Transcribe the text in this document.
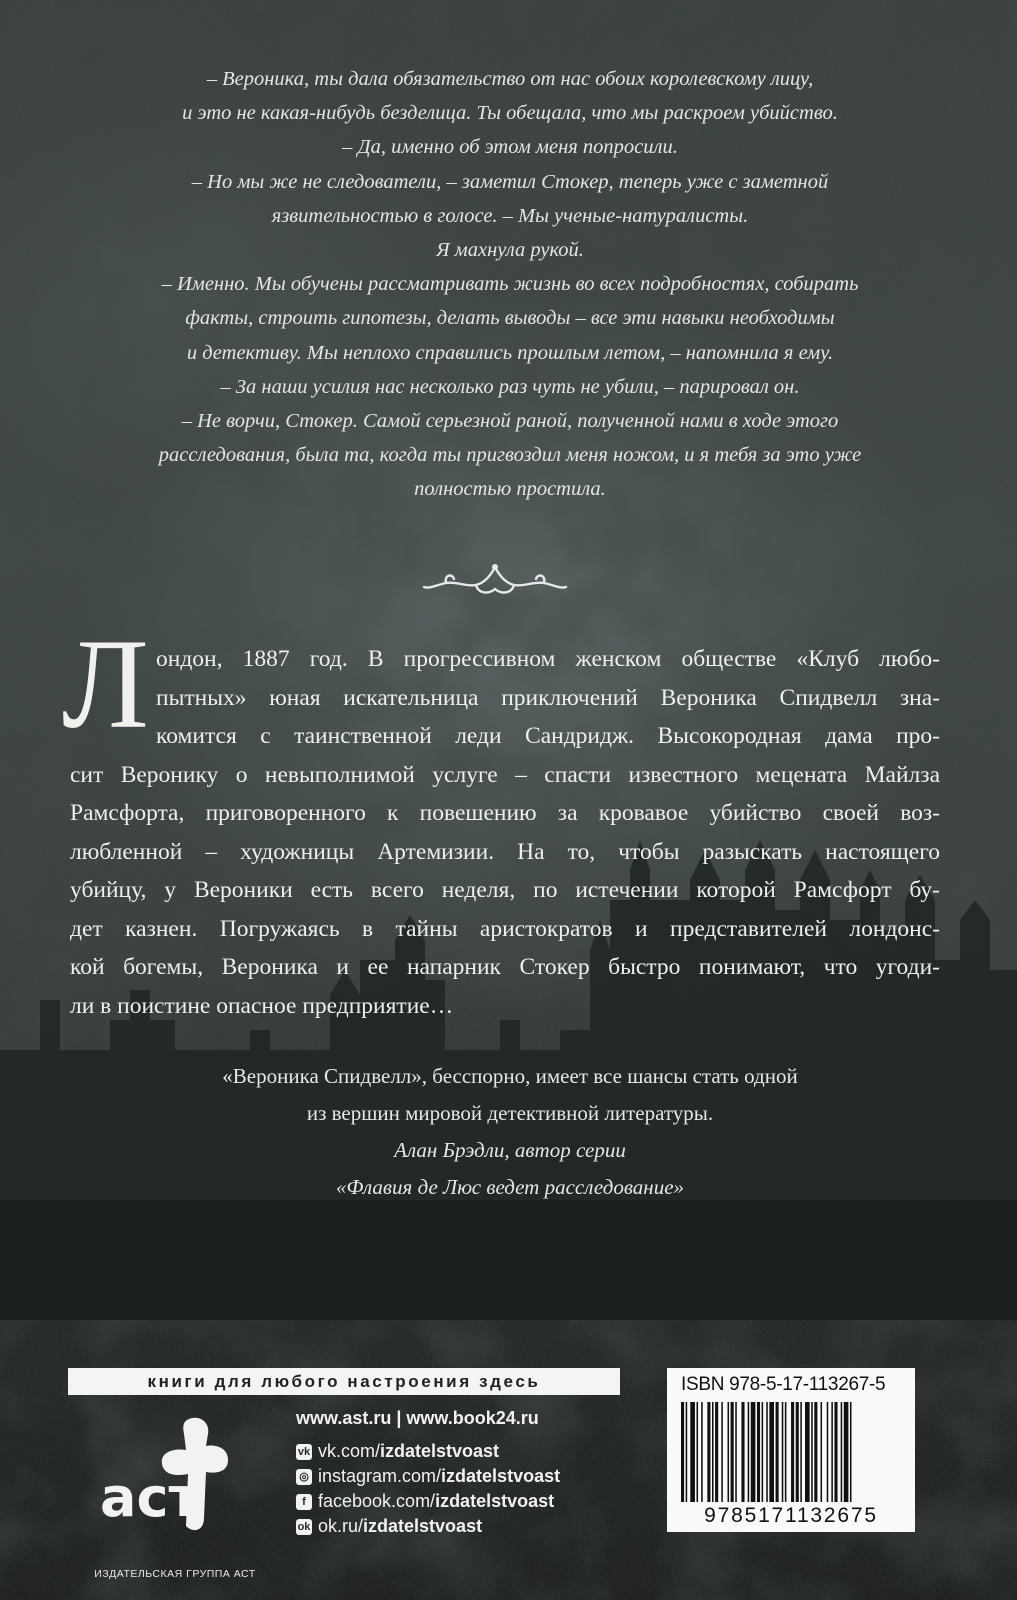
– Вероника, ты дала обязательство от нас обоих королевскому лицу,
и это не какая-нибудь безделица. Ты обещала, что мы раскроем убийство.
– Да, именно об этом меня попросили.
– Но мы же не следователи, – заметил Стокер, теперь уже с заметной
язвительностью в голосе. – Мы ученые-натуралисты.
Я махнула рукой.
– Именно. Мы обучены рассматривать жизнь во всех подробностях, собирать
факты, строить гипотезы, делать выводы – все эти навыки необходимы
и детективу. Мы неплохо справились прошлым летом, – напомнила я ему.
– За наши усилия нас несколько раз чуть не убили, – парировал он.
– Не ворчи, Стокер. Самой серьезной раной, полученной нами в ходе этого
расследования, была та, когда ты пригвоздил меня ножом, и я тебя за это уже
полностью простила.
Л ондон, 1887 год. В прогрессивном женском обществе «Клуб любо-
пытных» юная искательница приключений Вероника Спидвелл зна-
комится с таинственной леди Сандридж. Высокородная дама про-
сит Веронику о невыполнимой услуге – спасти известного мецената Майлза
Рамсфорта, приговоренного к повешению за кровавое убийство своей воз-
любленной – художницы Артемизии. На то, чтобы разыскать настоящего
убийцу, у Вероники есть всего неделя, по истечении которой Рамсфорт бу-
дет казнен. Погружаясь в тайны аристократов и представителей лондонс-
кой богемы, Вероника и ее напарник Стокер быстро понимают, что угоди-
ли в поистине опасное предприятие…
«Вероника Спидвелл», бесспорно, имеет все шансы стать одной
из вершин мировой детективной литературы.
Алан Брэдли, автор серии
«Флавия де Люс ведет расследование»
книги для любого настроения здесь
аст
ИЗДАТЕЛЬСКАЯ ГРУППА АСТ
www.ast.ru | www.book24.ru
vk vk.com/izdatelstvoast
◎ instagram.com/izdatelstvoast
f facebook.com/izdatelstvoast
ok ok.ru/izdatelstvoast
ISBN 978-5-17-113267-5
9785171132675
